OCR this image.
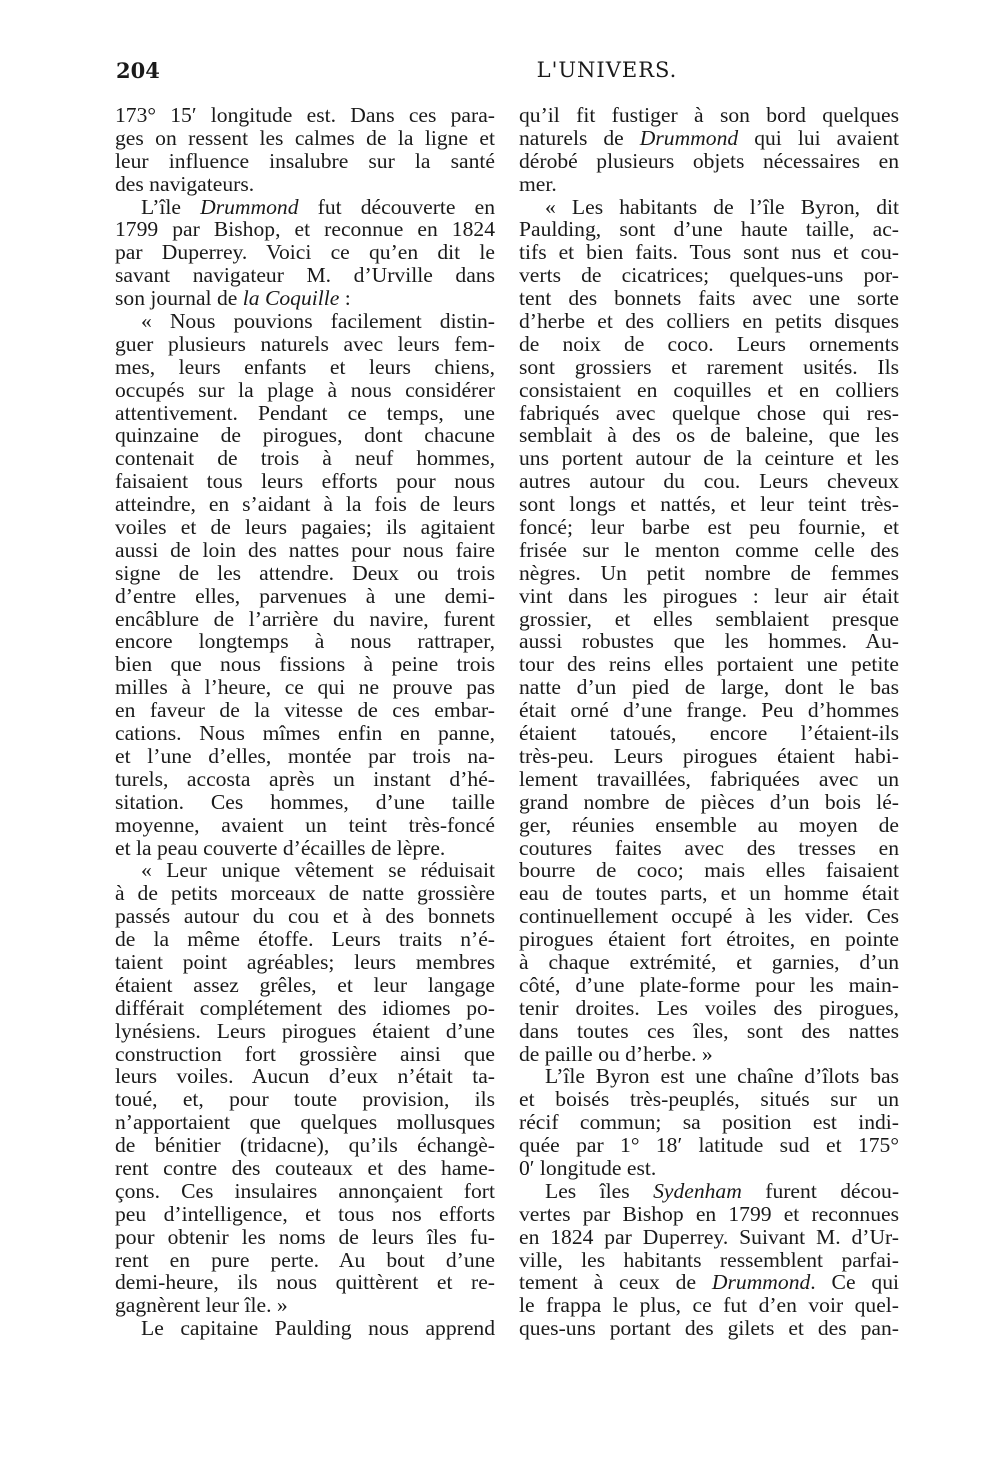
204	L'UNIVERS.
173° 15′ longitude est. Dans ces para-
ges on ressent les calmes de la ligne et
leur influence insalubre sur la santé
des navigateurs.
L’île Drummond fut découverte en
1799 par Bishop, et reconnue en 1824
par Duperrey. Voici ce qu’en dit le
savant navigateur M. d’Urville dans
son journal de la Coquille :
« Nous pouvions facilement distin-
guer plusieurs naturels avec leurs fem-
mes, leurs enfants et leurs chiens,
occupés sur la plage à nous considérer
attentivement. Pendant ce temps, une
quinzaine de pirogues, dont chacune
contenait de trois à neuf hommes,
faisaient tous leurs efforts pour nous
atteindre, en s’aidant à la fois de leurs
voiles et de leurs pagaies; ils agitaient
aussi de loin des nattes pour nous faire
signe de les attendre. Deux ou trois
d’entre elles, parvenues à une demi-
encâblure de l’arrière du navire, furent
encore longtemps à nous rattraper,
bien que nous fissions à peine trois
milles à l’heure, ce qui ne prouve pas
en faveur de la vitesse de ces embar-
cations. Nous mîmes enfin en panne,
et l’une d’elles, montée par trois na-
turels, accosta après un instant d’hé-
sitation. Ces hommes, d’une taille
moyenne, avaient un teint très-foncé
et la peau couverte d’écailles de lèpre.
« Leur unique vêtement se réduisait
à de petits morceaux de natte grossière
passés autour du cou et à des bonnets
de la même étoffe. Leurs traits n’é-
taient point agréables; leurs membres
étaient assez grêles, et leur langage
différait complétement des idiomes po-
lynésiens. Leurs pirogues étaient d’une
construction fort grossière ainsi que
leurs voiles. Aucun d’eux n’était ta-
toué, et, pour toute provision, ils
n’apportaient que quelques mollusques
de bénitier (tridacne), qu’ils échangè-
rent contre des couteaux et des hame-
çons. Ces insulaires annonçaient fort
peu d’intelligence, et tous nos efforts
pour obtenir les noms de leurs îles fu-
rent en pure perte. Au bout d’une
demi-heure, ils nous quittèrent et re-
gagnèrent leur île. »
Le capitaine Paulding nous apprend
qu’il fit fustiger à son bord quelques
naturels de Drummond qui lui avaient
dérobé plusieurs objets nécessaires en
mer.
« Les habitants de l’île Byron, dit
Paulding, sont d’une haute taille, ac-
tifs et bien faits. Tous sont nus et cou-
verts de cicatrices; quelques-uns por-
tent des bonnets faits avec une sorte
d’herbe et des colliers en petits disques
de noix de coco. Leurs ornements
sont grossiers et rarement usités. Ils
consistaient en coquilles et en colliers
fabriqués avec quelque chose qui res-
semblait à des os de baleine, que les
uns portent autour de la ceinture et les
autres autour du cou. Leurs cheveux
sont longs et nattés, et leur teint très-
foncé; leur barbe est peu fournie, et
frisée sur le menton comme celle des
nègres. Un petit nombre de femmes
vint dans les pirogues : leur air était
grossier, et elles semblaient presque
aussi robustes que les hommes. Au-
tour des reins elles portaient une petite
natte d’un pied de large, dont le bas
était orné d’une frange. Peu d’hommes
étaient tatoués, encore l’étaient-ils
très-peu. Leurs pirogues étaient habi-
lement travaillées, fabriquées avec un
grand nombre de pièces d’un bois lé-
ger, réunies ensemble au moyen de
coutures faites avec des tresses en
bourre de coco; mais elles faisaient
eau de toutes parts, et un homme était
continuellement occupé à les vider. Ces
pirogues étaient fort étroites, en pointe
à chaque extrémité, et garnies, d’un
côté, d’une plate-forme pour les main-
tenir droites. Les voiles des pirogues,
dans toutes ces îles, sont des nattes
de paille ou d’herbe. »
L’île Byron est une chaîne d’îlots bas
et boisés très-peuplés, situés sur un
récif commun; sa position est indi-
quée par 1° 18′ latitude sud et 175°
0′ longitude est.
Les îles Sydenham furent décou-
vertes par Bishop en 1799 et reconnues
en 1824 par Duperrey. Suivant M. d’Ur-
ville, les habitants ressemblent parfai-
tement à ceux de Drummond. Ce qui
le frappa le plus, ce fut d’en voir quel-
ques-uns portant des gilets et des pan-
